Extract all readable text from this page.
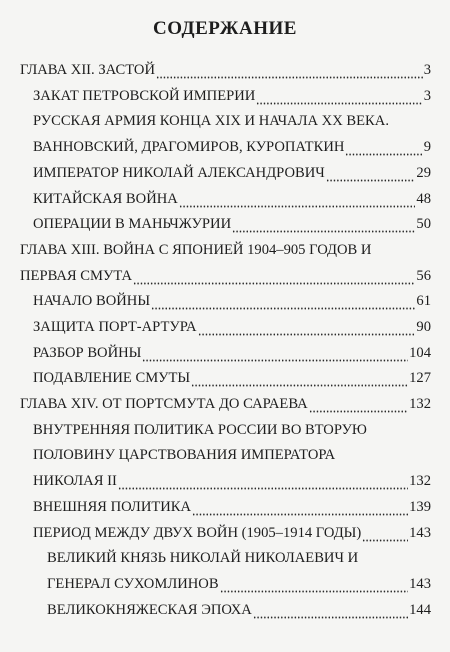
СОДЕРЖАНИЕ
ГЛАВА XII. ЗАСТОЙ	3
ЗАКАТ ПЕТРОВСКОЙ ИМПЕРИИ	3
РУССКАЯ АРМИЯ КОНЦА XIX И НАЧАЛА XX ВЕКА.
ВАННОВСКИЙ, ДРАГОМИРОВ, КУРОПАТКИН	9
ИМПЕРАТОР НИКОЛАЙ АЛЕКСАНДРОВИЧ	29
КИТАЙСКАЯ ВОЙНА	48
ОПЕРАЦИИ В МАНЬЧЖУРИИ	50
ГЛАВА XIII. ВОЙНА С ЯПОНИЕЙ 1904–905 ГОДОВ И
ПЕРВАЯ СМУТА	56
НАЧАЛО ВОЙНЫ	61
ЗАЩИТА ПОРТ-АРТУРА	90
РАЗБОР ВОЙНЫ	104
ПОДАВЛЕНИЕ СМУТЫ	127
ГЛАВА XIV. ОТ ПОРТСМУТА ДО САРАЕВА	132
ВНУТРЕННЯЯ ПОЛИТИКА РОССИИ ВО ВТОРУЮ
ПОЛОВИНУ ЦАРСТВОВАНИЯ ИМПЕРАТОРА
НИКОЛАЯ II	132
ВНЕШНЯЯ ПОЛИТИКА	139
ПЕРИОД МЕЖДУ ДВУХ ВОЙН (1905–1914 ГОДЫ)	143
ВЕЛИКИЙ КНЯЗЬ НИКОЛАЙ НИКОЛАЕВИЧ И
ГЕНЕРАЛ СУХОМЛИНОВ	143
ВЕЛИКОКНЯЖЕСКАЯ ЭПОХА	144
